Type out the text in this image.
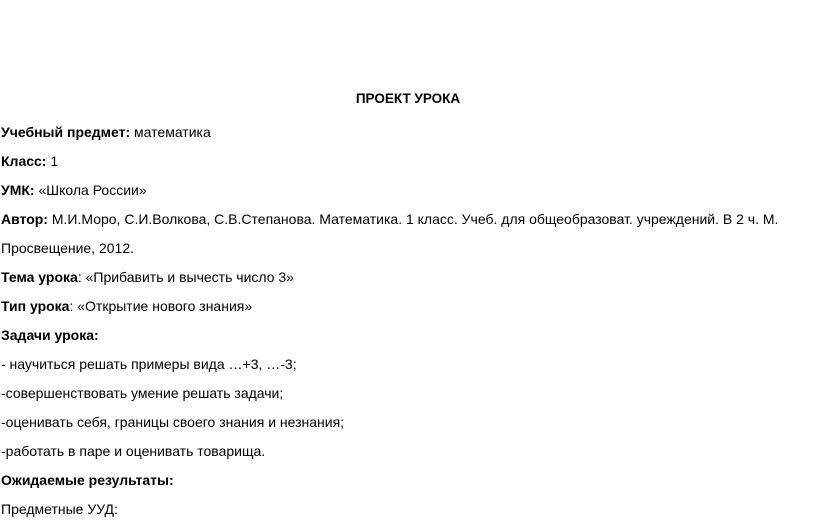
ПРОЕКТ УРОКА
Учебный предмет: математика
Класс: 1
УМК: «Школа России»
Автор: М.И.Моро, С.И.Волкова, С.В.Степанова. Математика. 1 класс. Учеб. для общеобразоват. учреждений. В 2 ч. М. Просвещение, 2012.
Тема урока: «Прибавить и вычесть число 3»
Тип урока: «Открытие нового знания»
Задачи урока:
- научиться решать примеры вида …+3, …-3;
-совершенствовать умение решать задачи;
-оценивать себя, границы своего знания и незнания;
-работать в паре и оценивать товарища.
Ожидаемые результаты:
Предметные УУД:
